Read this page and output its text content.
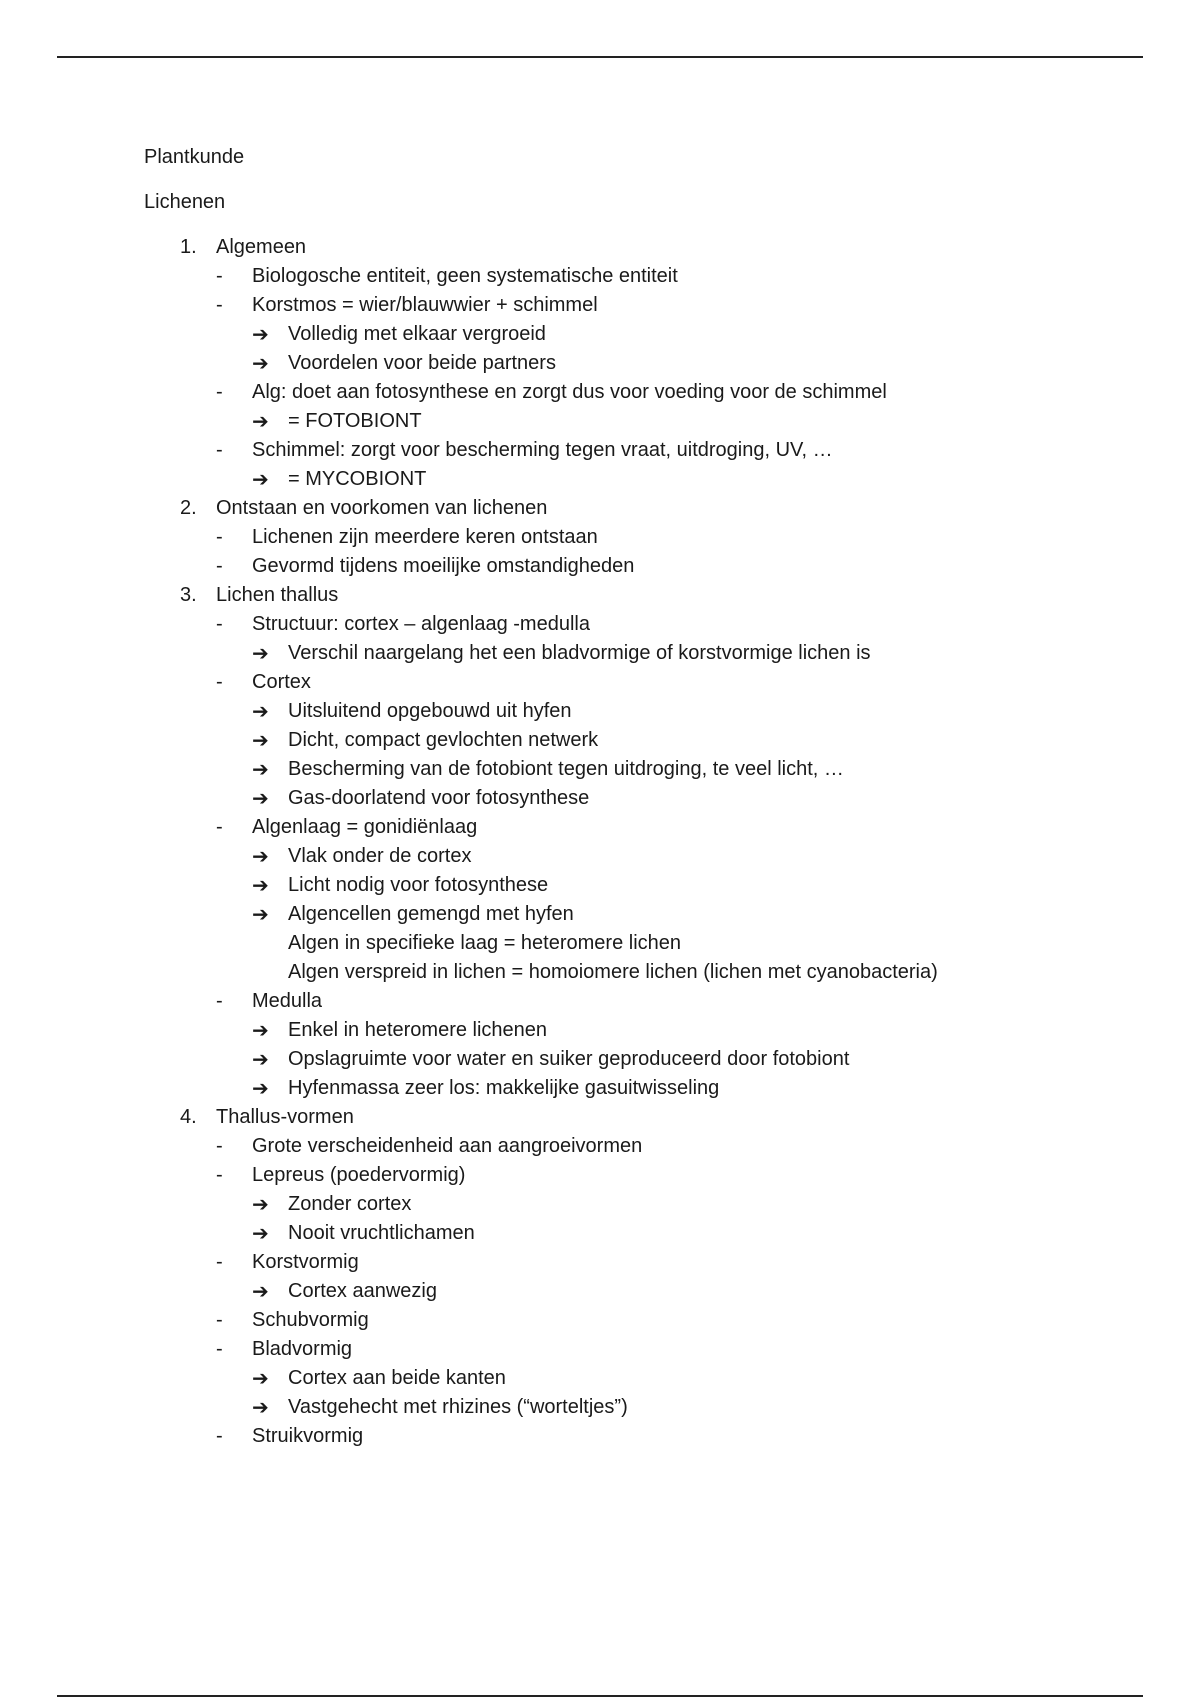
Plantkunde
Lichenen
1. Algemeen
-	Biologosche entiteit, geen systematische entiteit
-	Korstmos = wier/blauwwier + schimmel
➔ Volledig met elkaar vergroeid
➔ Voordelen voor beide partners
-	Alg: doet aan fotosynthese en zorgt dus voor voeding voor de schimmel
➔ = FOTOBIONT
-	Schimmel: zorgt voor bescherming tegen vraat, uitdroging, UV, …
➔ = MYCOBIONT
2. Ontstaan en voorkomen van lichenen
-	Lichenen zijn meerdere keren ontstaan
-	Gevormd tijdens moeilijke omstandigheden
3. Lichen thallus
-	Structuur: cortex – algenlaag -medulla
➔ Verschil naargelang het een bladvormige of korstvormige lichen is
-	Cortex
➔ Uitsluitend opgebouwd uit hyfen
➔ Dicht, compact gevlochten netwerk
➔ Bescherming van de fotobiont tegen uitdroging, te veel licht, …
➔ Gas-doorlatend voor fotosynthese
-	Algenlaag = gonidiënlaag
➔ Vlak onder de cortex
➔ Licht nodig voor fotosynthese
➔ Algencellen gemengd met hyfen
Algen in specifieke laag = heteromere lichen
Algen verspreid in lichen = homoiomere lichen (lichen met cyanobacteria)
-	Medulla
➔ Enkel in heteromere lichenen
➔ Opslagruimte voor water en suiker geproduceerd door fotobiont
➔ Hyfenmassa zeer los: makkelijke gasuitwisseling
4. Thallus-vormen
-	Grote verscheidenheid aan aangroeivormen
-	Lepreus (poedervormig)
➔ Zonder cortex
➔ Nooit vruchtlichamen
-	Korstvormig
➔ Cortex aanwezig
-	Schubvormig
-	Bladvormig
➔ Cortex aan beide kanten
➔ Vastgehecht met rhizines (“worteltjes”)
-	Struikvormig
